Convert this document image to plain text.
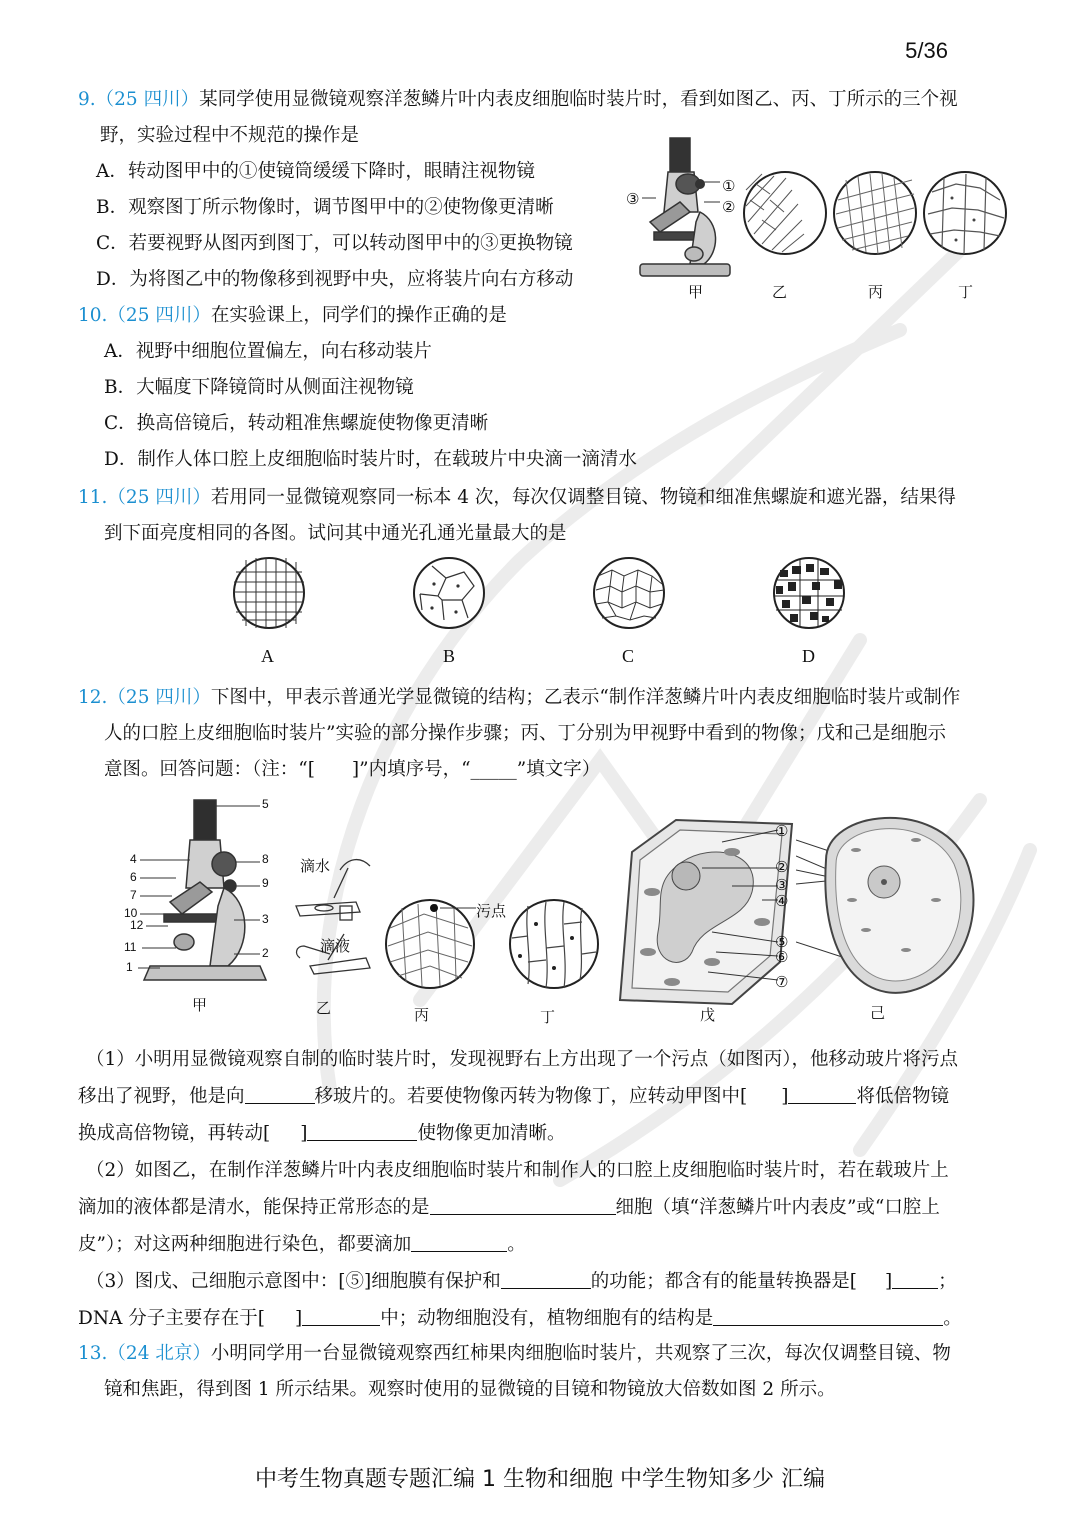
5/36
9.（25 四川）某同学使用显微镜观察洋葱鳞片叶内表皮细胞临时装片时，看到如图乙、丙、丁所示的三个视
野，实验过程中不规范的操作是
A．转动图甲中的①使镜筒缓缓下降时，眼睛注视物镜
B．观察图丁所示物像时，调节图甲中的②使物像更清晰
C．若要视野从图丙到图丁，可以转动图甲中的③更换物镜
D．为将图乙中的物像移到视野中央，应将装片向右方移动
①
②
③
甲	乙	丙	丁
10.（25 四川）在实验课上，同学们的操作正确的是
A．视野中细胞位置偏左，向右移动装片
B．大幅度下降镜筒时从侧面注视物镜
C．换高倍镜后，转动粗准焦螺旋使物像更清晰
D．制作人体口腔上皮细胞临时装片时，在载玻片中央滴一滴清水
11.（25 四川）若用同一显微镜观察同一标本 4 次，每次仅调整目镜、物镜和细准焦螺旋和遮光器，结果得
到下面亮度相同的各图。试问其中通光孔通光量最大的是
A	B	C	D
12.（25 四川）下图中，甲表示普通光学显微镜的结构；乙表示“制作洋葱鳞片叶内表皮细胞临时装片或制作
人的口腔上皮细胞临时装片”实验的部分操作步骤；丙、丁分别为甲视野中看到的物像；戊和己是细胞示
意图。回答问题：（注：“[　　]”内填序号，“_____”填文字）
5
4
6
7
10
12
11
1
8
9
3
2
甲
滴水
滴液
乙
污点
丙	丁
①
②
③
④
⑤
⑥
⑦
戊	己
（1）小明用显微镜观察自制的临时装片时，发现视野右上方出现了一个污点（如图丙），他移动玻片将污点
移出了视野，他是向	移玻片的。若要使物像丙转为物像丁，应转动甲图中[ ]	将低倍物镜
换成高倍物镜，再转动[ ]	使物像更加清晰。
（2）如图乙，在制作洋葱鳞片叶内表皮细胞临时装片和制作人的口腔上皮细胞临时装片时，若在载玻片上
滴加的液体都是清水，能保持正常形态的是	细胞（填“洋葱鳞片叶内表皮”或“口腔上
皮”）；对这两种细胞进行染色，都要滴加	。
（3）图戊、己细胞示意图中：[⑤]细胞膜有保护和	的功能；都含有的能量转换器是[ ] ；
DNA 分子主要存在于[ ]	中；动物细胞没有，植物细胞有的结构是	。
13.（24 北京）小明同学用一台显微镜观察西红柿果肉细胞临时装片，共观察了三次，每次仅调整目镜、物
镜和焦距，得到图 1 所示结果。观察时使用的显微镜的目镜和物镜放大倍数如图 2 所示。
中考生物真题专题汇编 1 生物和细胞 中学生物知多少 汇编
